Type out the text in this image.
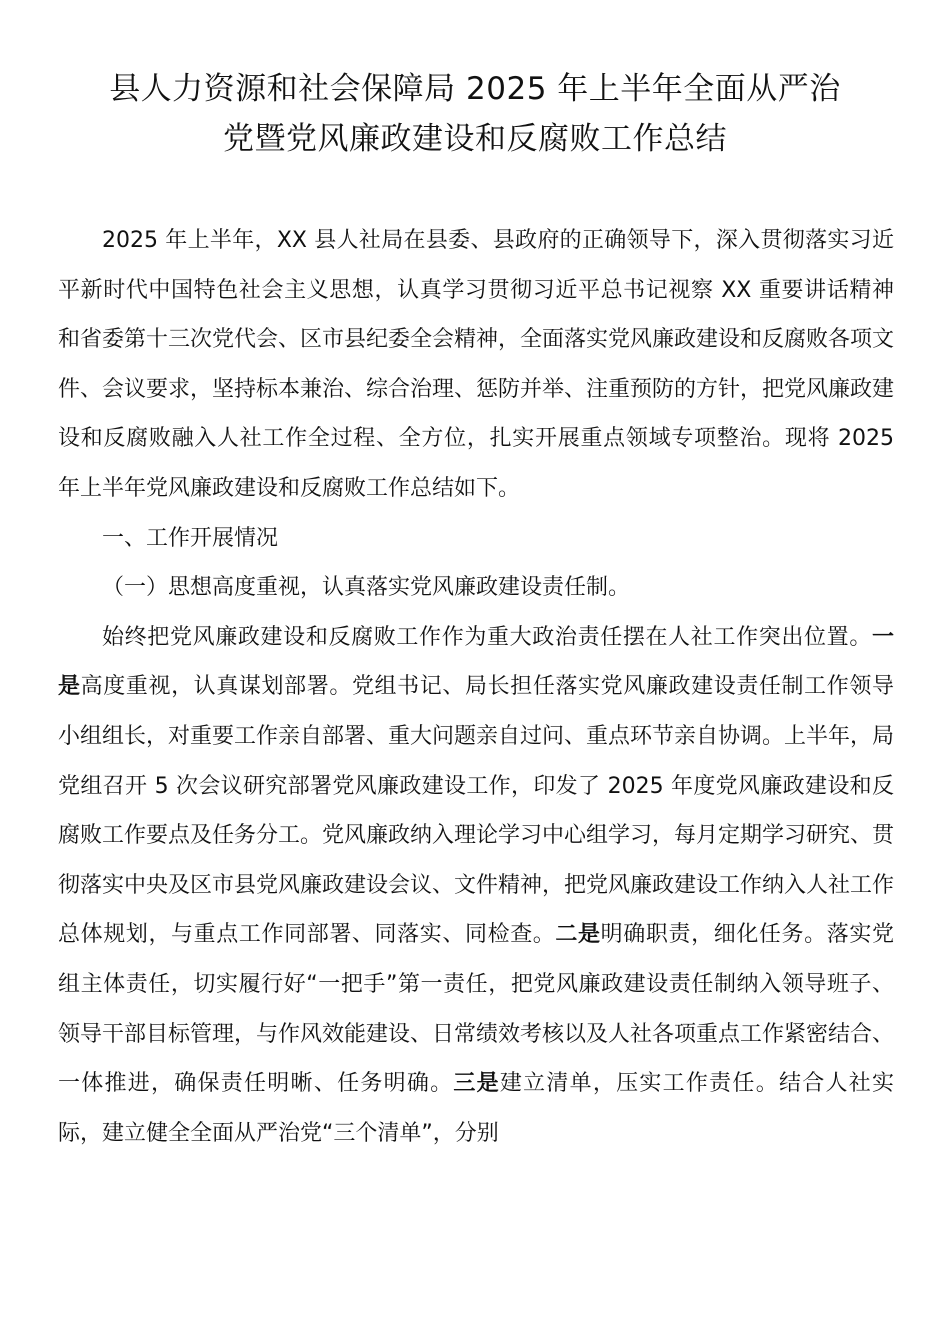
县人力资源和社会保障局 2025 年上半年全面从严治
党暨党风廉政建设和反腐败工作总结

2025 年上半年，XX 县人社局在县委、县政府的正确领导下，深入贯彻落实习近平新时代中国特色社会主义思想，认真学习贯彻习近平总书记视察 XX 重要讲话精神和省委第十三次党代会、区市县纪委全会精神，全面落实党风廉政建设和反腐败各项文件、会议要求，坚持标本兼治、综合治理、惩防并举、注重预防的方针，把党风廉政建设和反腐败融入人社工作全过程、全方位，扎实开展重点领域专项整治。现将 2025 年上半年党风廉政建设和反腐败工作总结如下。

一、工作开展情况

（一）思想高度重视，认真落实党风廉政建设责任制。

始终把党风廉政建设和反腐败工作作为重大政治责任摆在人社工作突出位置。一是高度重视，认真谋划部署。党组书记、局长担任落实党风廉政建设责任制工作领导小组组长，对重要工作亲自部署、重大问题亲自过问、重点环节亲自协调。上半年，局党组召开 5 次会议研究部署党风廉政建设工作，印发了 2025 年度党风廉政建设和反腐败工作要点及任务分工。党风廉政纳入理论学习中心组学习，每月定期学习研究、贯彻落实中央及区市县党风廉政建设会议、文件精神，把党风廉政建设工作纳入人社工作总体规划，与重点工作同部署、同落实、同检查。二是明确职责，细化任务。落实党组主体责任，切实履行好“一把手”第一责任，把党风廉政建设责任制纳入领导班子、领导干部目标管理，与作风效能建设、日常绩效考核以及人社各项重点工作紧密结合、一体推进，确保责任明晰、任务明确。三是建立清单，压实工作责任。结合人社实际，建立健全全面从严治党“三个清单”，分别
